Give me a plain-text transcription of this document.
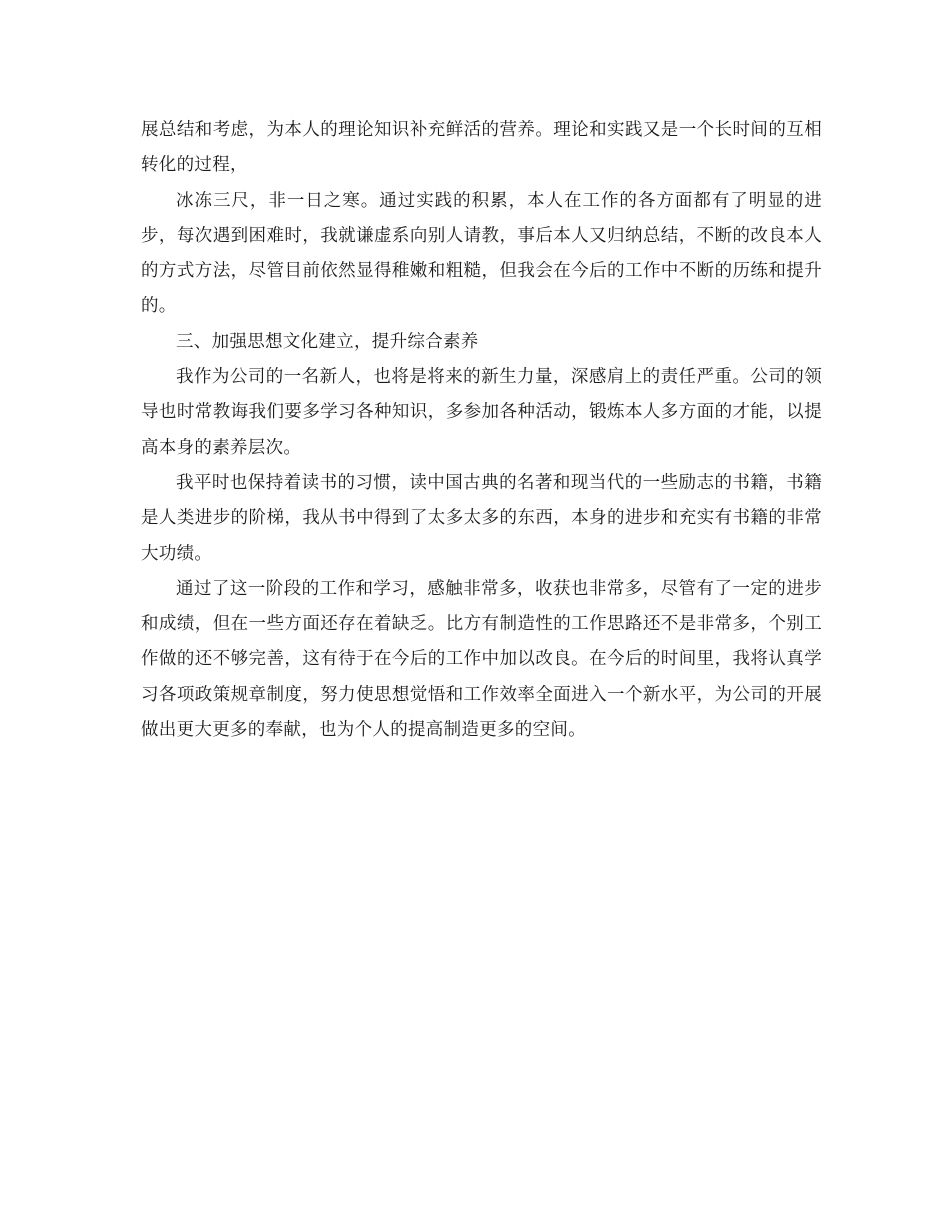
展总结和考虑，为本人的理论知识补充鲜活的营养。理论和实践又是一个长时间的互相转化的过程，

冰冻三尺，非一日之寒。通过实践的积累，本人在工作的各方面都有了明显的进步，每次遇到困难时，我就谦虚系向别人请教，事后本人又归纳总结，不断的改良本人的方式方法，尽管目前依然显得稚嫩和粗糙，但我会在今后的工作中不断的历练和提升的。

三、加强思想文化建立，提升综合素养

我作为公司的一名新人，也将是将来的新生力量，深感肩上的责任严重。公司的领导也时常教诲我们要多学习各种知识，多参加各种活动，锻炼本人多方面的才能，以提高本身的素养层次。

我平时也保持着读书的习惯，读中国古典的名著和现当代的一些励志的书籍，书籍是人类进步的阶梯，我从书中得到了太多太多的东西，本身的进步和充实有书籍的非常大功绩。

通过了这一阶段的工作和学习，感触非常多，收获也非常多，尽管有了一定的进步和成绩，但在一些方面还存在着缺乏。比方有制造性的工作思路还不是非常多，个别工作做的还不够完善，这有待于在今后的工作中加以改良。在今后的时间里，我将认真学习各项政策规章制度，努力使思想觉悟和工作效率全面进入一个新水平，为公司的开展做出更大更多的奉献，也为个人的提高制造更多的空间。
